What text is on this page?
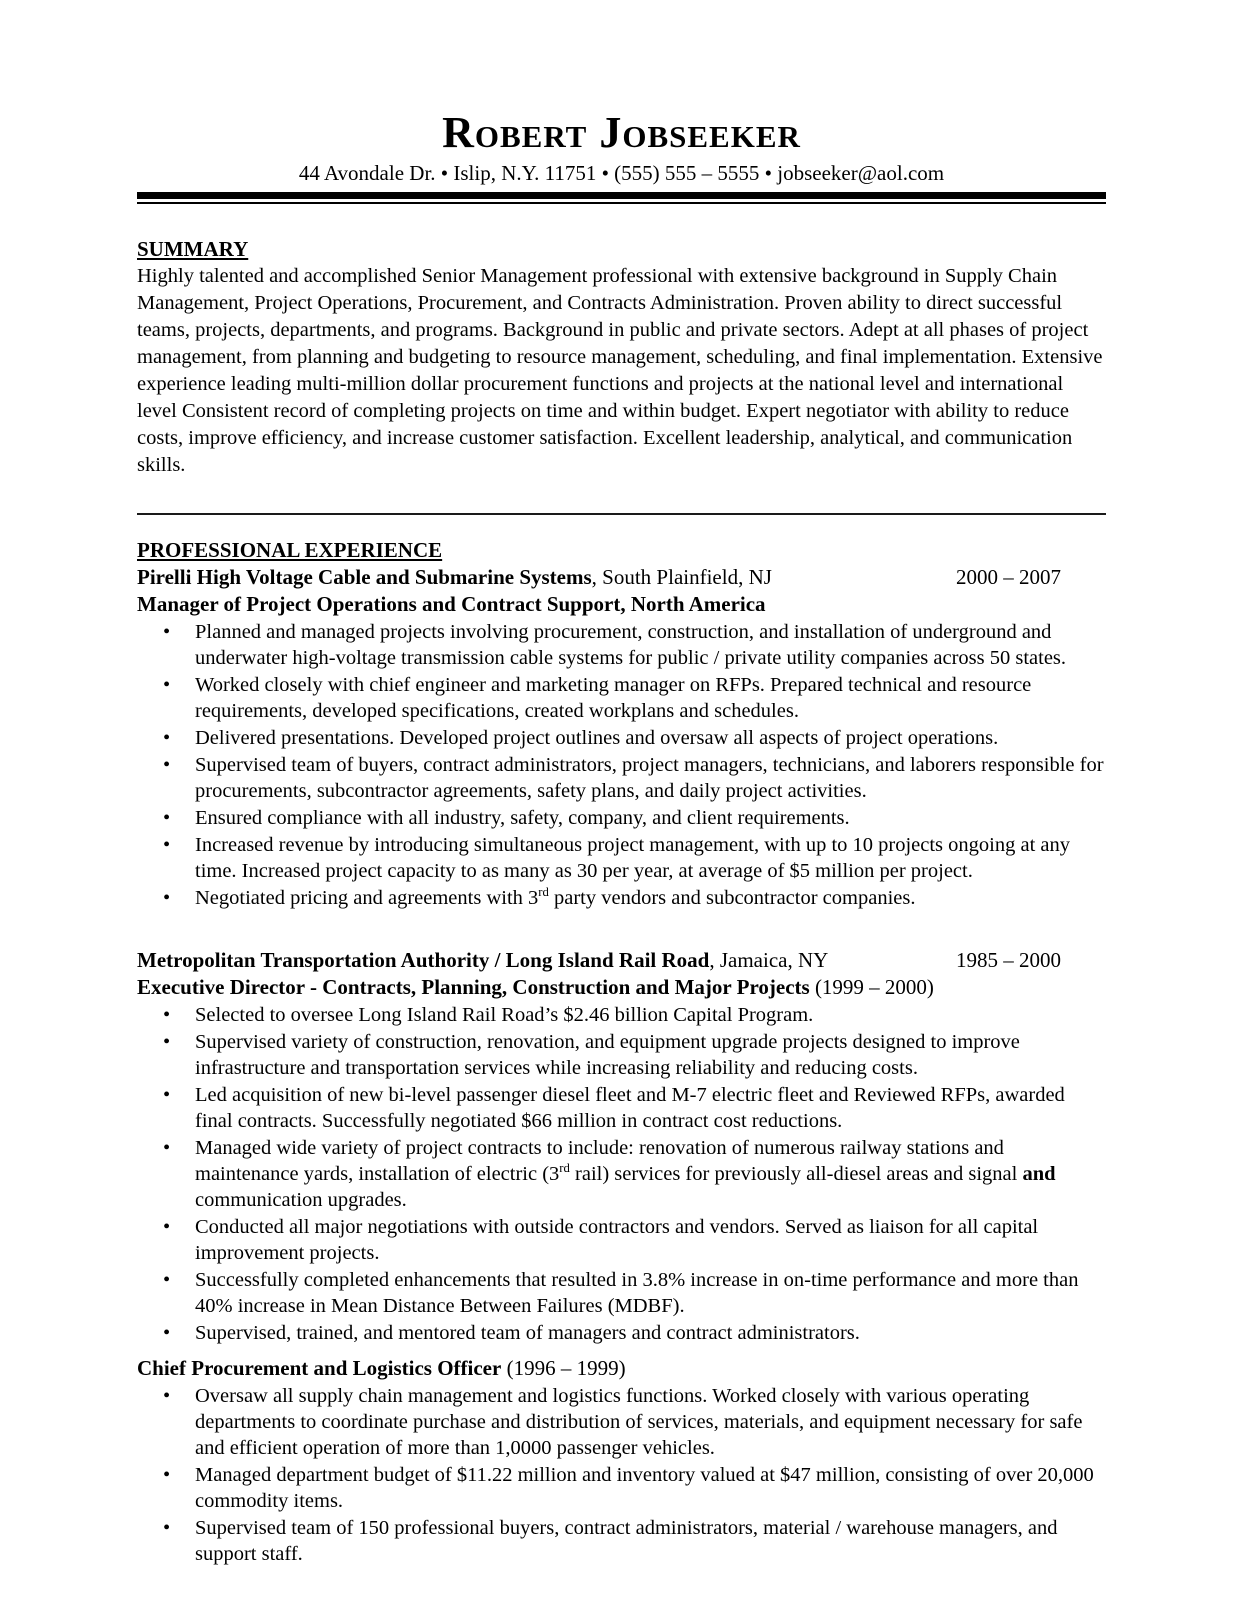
Robert Jobseeker
44 Avondale Dr. • Islip, N.Y. 11751 • (555) 555 – 5555 • jobseeker@aol.com
SUMMARY

Highly talented and accomplished Senior Management professional with extensive background in Supply Chain Management, Project Operations, Procurement, and Contracts Administration. Proven ability to direct successful teams, projects, departments, and programs. Background in public and private sectors. Adept at all phases of project management, from planning and budgeting to resource management, scheduling, and final implementation. Extensive experience leading multi-million dollar procurement functions and projects at the national level and international level Consistent record of completing projects on time and within budget. Expert negotiator with ability to reduce costs, improve efficiency, and increase customer satisfaction. Excellent leadership, analytical, and communication skills.

PROFESSIONAL EXPERIENCE
Pirelli High Voltage Cable and Submarine Systems, South Plainfield, NJ	2000 – 2007
Manager of Project Operations and Contract Support, North America
• Planned and managed projects involving procurement, construction, and installation of underground and underwater high-voltage transmission cable systems for public / private utility companies across 50 states.
• Worked closely with chief engineer and marketing manager on RFPs. Prepared technical and resource requirements, developed specifications, created workplans and schedules.
• Delivered presentations. Developed project outlines and oversaw all aspects of project operations.
• Supervised team of buyers, contract administrators, project managers, technicians, and laborers responsible for procurements, subcontractor agreements, safety plans, and daily project activities.
• Ensured compliance with all industry, safety, company, and client requirements.
• Increased revenue by introducing simultaneous project management, with up to 10 projects ongoing at any time. Increased project capacity to as many as 30 per year, at average of $5 million per project.
• Negotiated pricing and agreements with 3rd party vendors and subcontractor companies.
Metropolitan Transportation Authority / Long Island Rail Road, Jamaica, NY	1985 – 2000
Executive Director - Contracts, Planning, Construction and Major Projects (1999 – 2000)
• Selected to oversee Long Island Rail Road’s $2.46 billion Capital Program.
• Supervised variety of construction, renovation, and equipment upgrade projects designed to improve infrastructure and transportation services while increasing reliability and reducing costs.
• Led acquisition of new bi-level passenger diesel fleet and M-7 electric fleet and Reviewed RFPs, awarded final contracts. Successfully negotiated $66 million in contract cost reductions.
• Managed wide variety of project contracts to include: renovation of numerous railway stations and maintenance yards, installation of electric (3rd rail) services for previously all-diesel areas and signal and communication upgrades.
• Conducted all major negotiations with outside contractors and vendors. Served as liaison for all capital improvement projects.
• Successfully completed enhancements that resulted in 3.8% increase in on-time performance and more than 40% increase in Mean Distance Between Failures (MDBF).
• Supervised, trained, and mentored team of managers and contract administrators.
Chief Procurement and Logistics Officer (1996 – 1999)
• Oversaw all supply chain management and logistics functions. Worked closely with various operating departments to coordinate purchase and distribution of services, materials, and equipment necessary for safe and efficient operation of more than 1,0000 passenger vehicles.
• Managed department budget of $11.22 million and inventory valued at $47 million, consisting of over 20,000 commodity items.
• Supervised team of 150 professional buyers, contract administrators, material / warehouse managers, and support staff.
